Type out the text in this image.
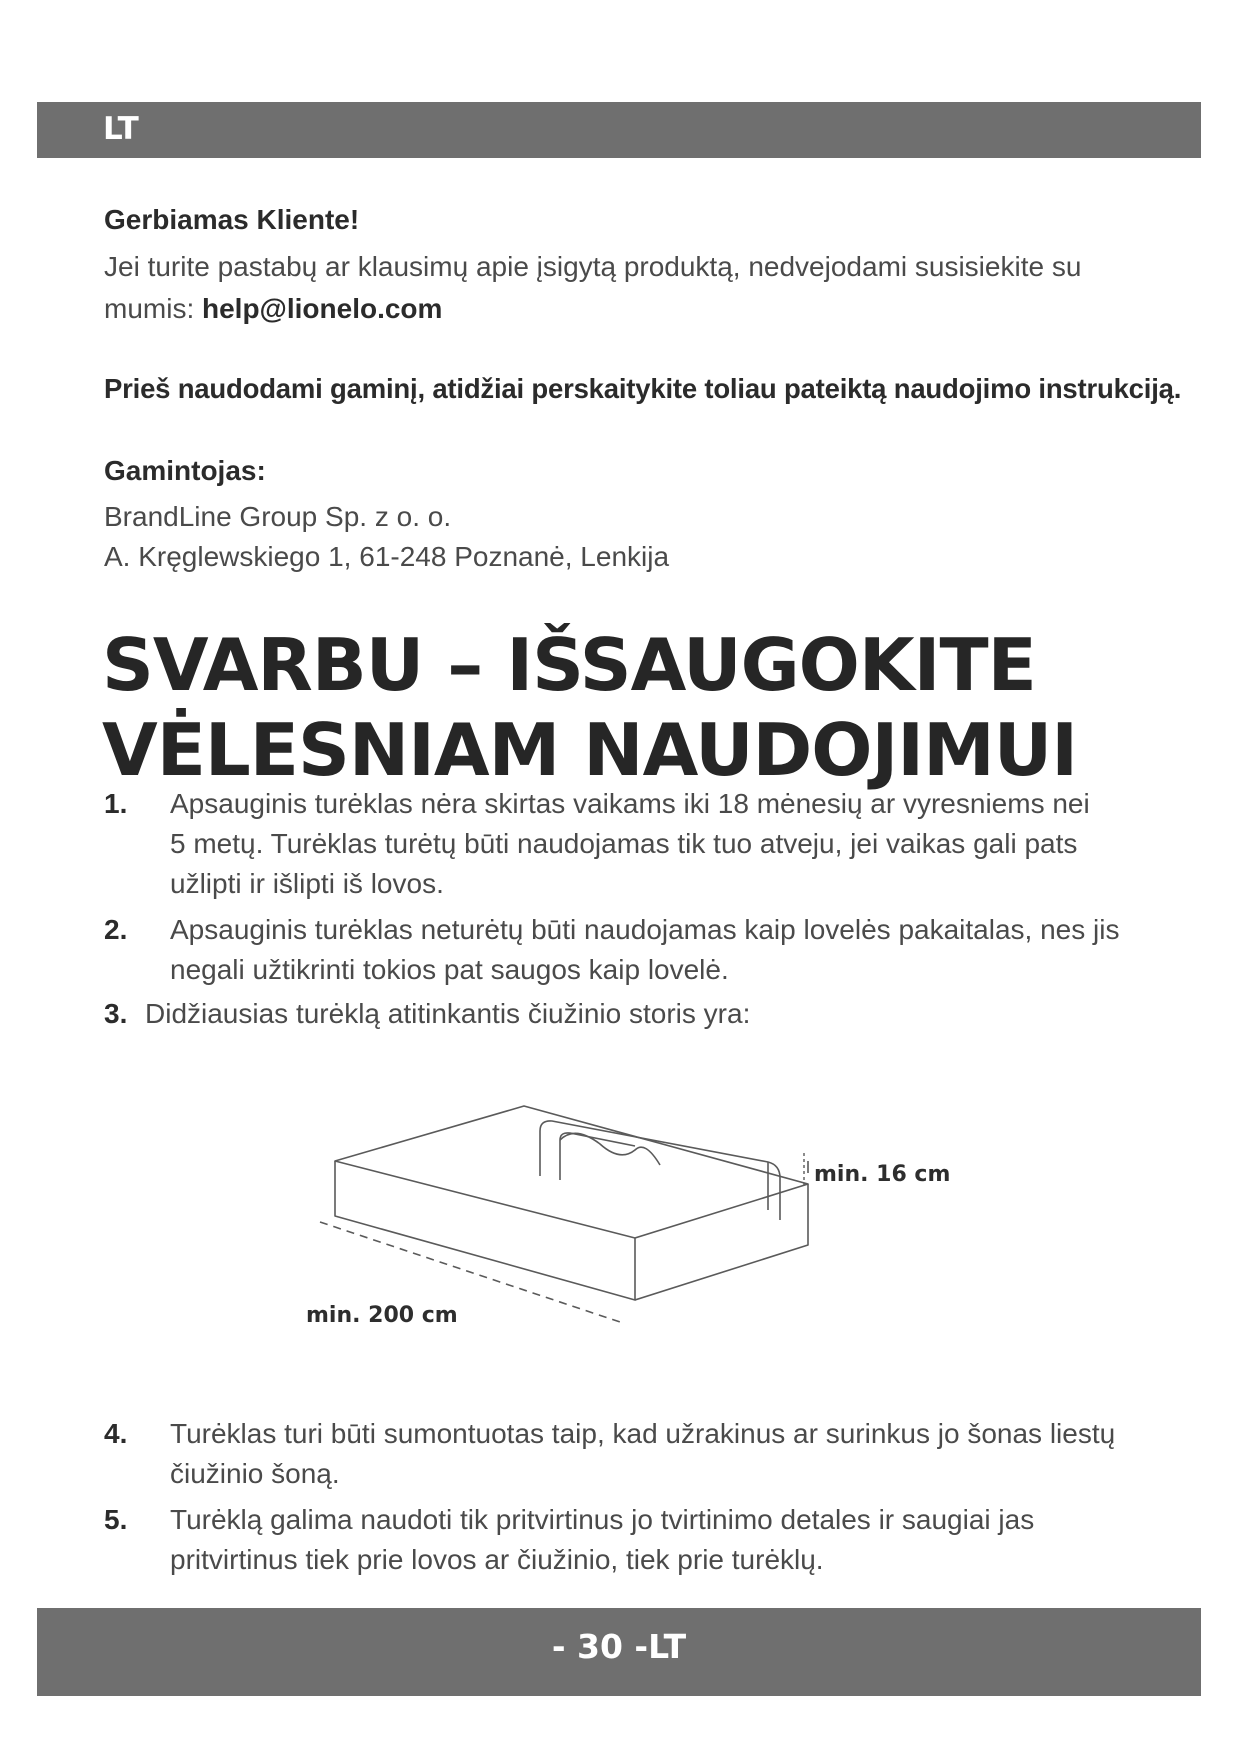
LT
Gerbiamas Kliente!
Jei turite pastabų ar klausimų apie įsigytą produktą, nedvejodami susisiekite su
mumis: help@lionelo.com
Prieš naudodami gaminį, atidžiai perskaitykite toliau pateiktą naudojimo instrukciją.
Gamintojas:
BrandLine Group Sp. z o. o.
A. Kręglewskiego 1, 61-248 Poznanė, Lenkija
SVARBU – IŠSAUGOKITE
VĖLESNIAM NAUDOJIMUI
1. Apsauginis turėklas nėra skirtas vaikams iki 18 mėnesių ar vyresniems nei
5 metų. Turėklas turėtų būti naudojamas tik tuo atveju, jei vaikas gali pats
užlipti ir išlipti iš lovos.
2. Apsauginis turėklas neturėtų būti naudojamas kaip lovelės pakaitalas, nes jis
negali užtikrinti tokios pat saugos kaip lovelė.
3. Didžiausias turėklą atitinkantis čiužinio storis yra:
min. 16 cm
min. 200 cm
4. Turėklas turi būti sumontuotas taip, kad užrakinus ar surinkus jo šonas liestų
čiužinio šoną.
5. Turėklą galima naudoti tik pritvirtinus jo tvirtinimo detales ir saugiai jas
pritvirtinus tiek prie lovos ar čiužinio, tiek prie turėklų.
- 30 -LT
